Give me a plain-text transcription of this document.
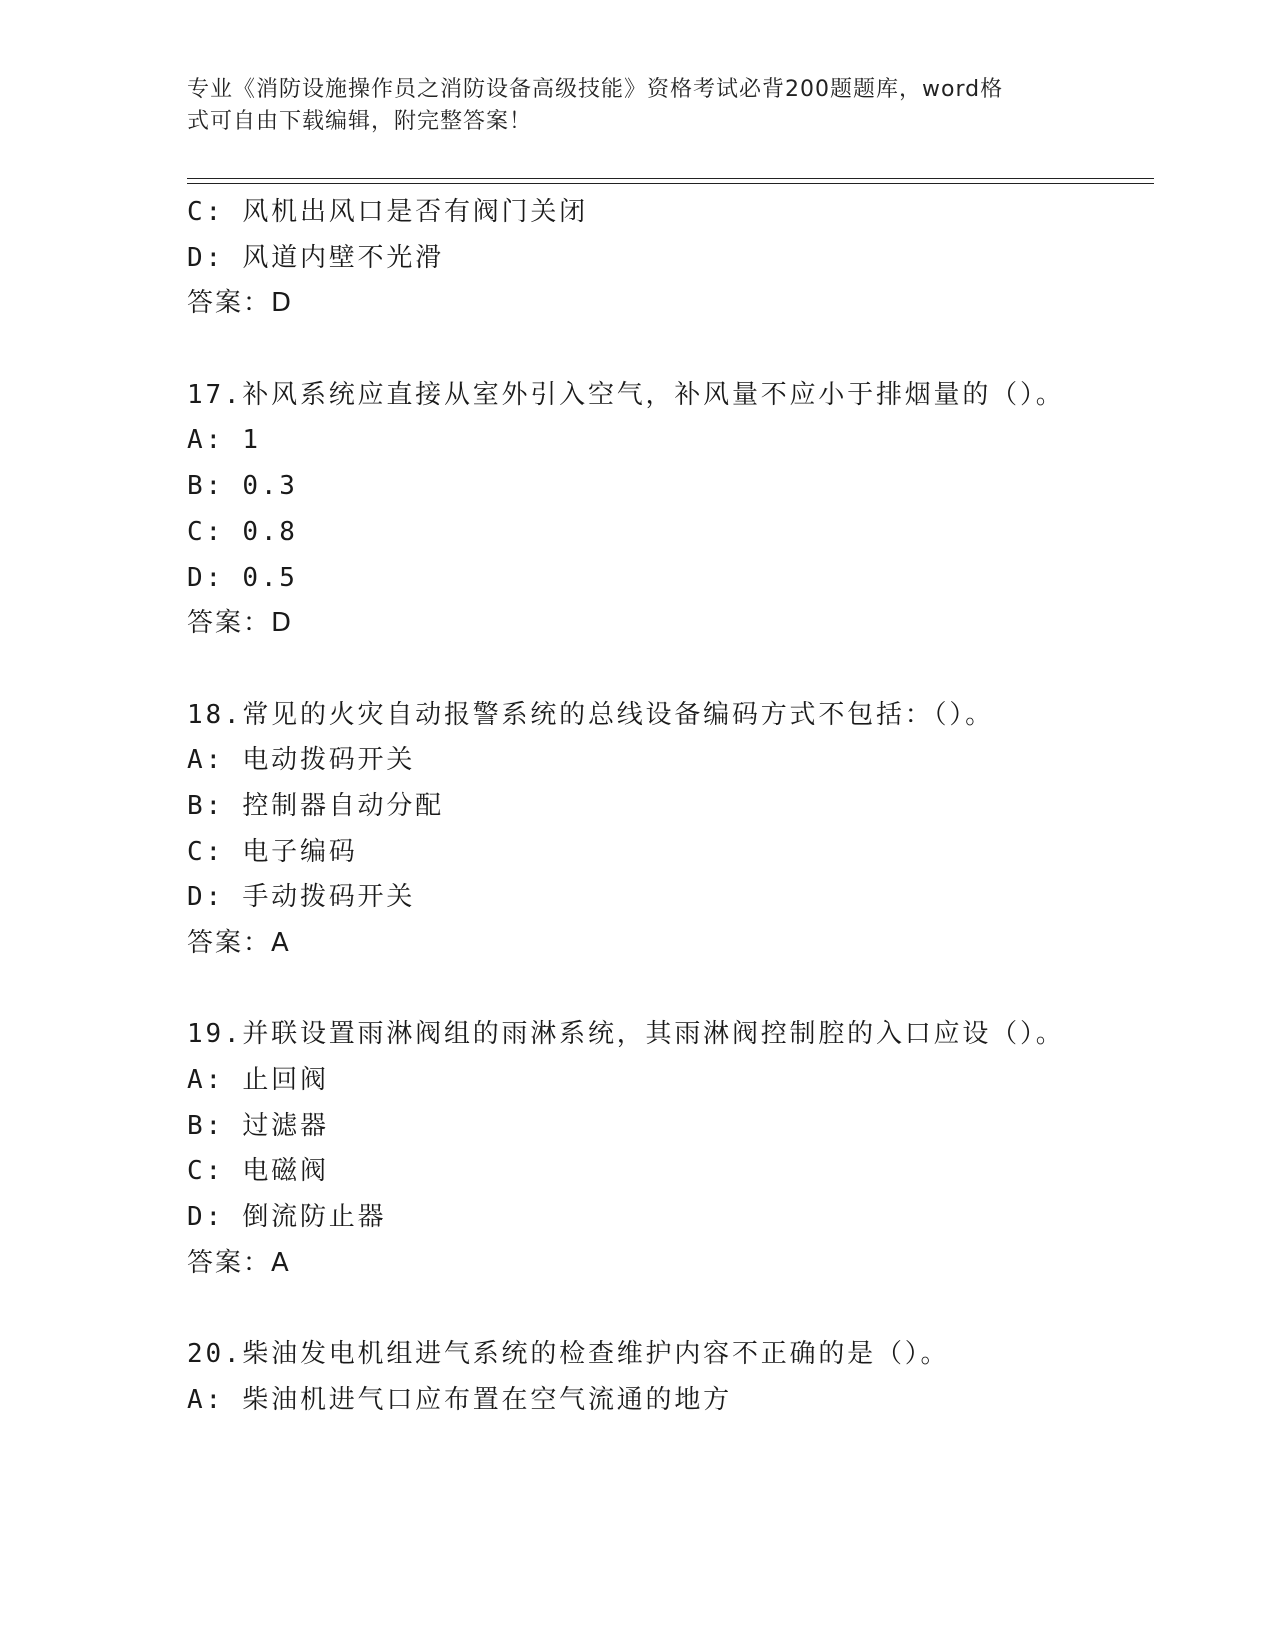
专业《消防设施操作员之消防设备高级技能》资格考试必背200题题库，word格
式可自由下载编辑，附完整答案！
C: 风机出风口是否有阀门关闭
D: 风道内壁不光滑
答案：D
17.补风系统应直接从室外引入空气，补风量不应小于排烟量的（）。
A: 1
B: 0.3
C: 0.8
D: 0.5
答案：D
18.常见的火灾自动报警系统的总线设备编码方式不包括：（）。
A: 电动拨码开关
B: 控制器自动分配
C: 电子编码
D: 手动拨码开关
答案：A
19.并联设置雨淋阀组的雨淋系统，其雨淋阀控制腔的入口应设（）。
A: 止回阀
B: 过滤器
C: 电磁阀
D: 倒流防止器
答案：A
20.柴油发电机组进气系统的检查维护内容不正确的是（）。
A: 柴油机进气口应布置在空气流通的地方
